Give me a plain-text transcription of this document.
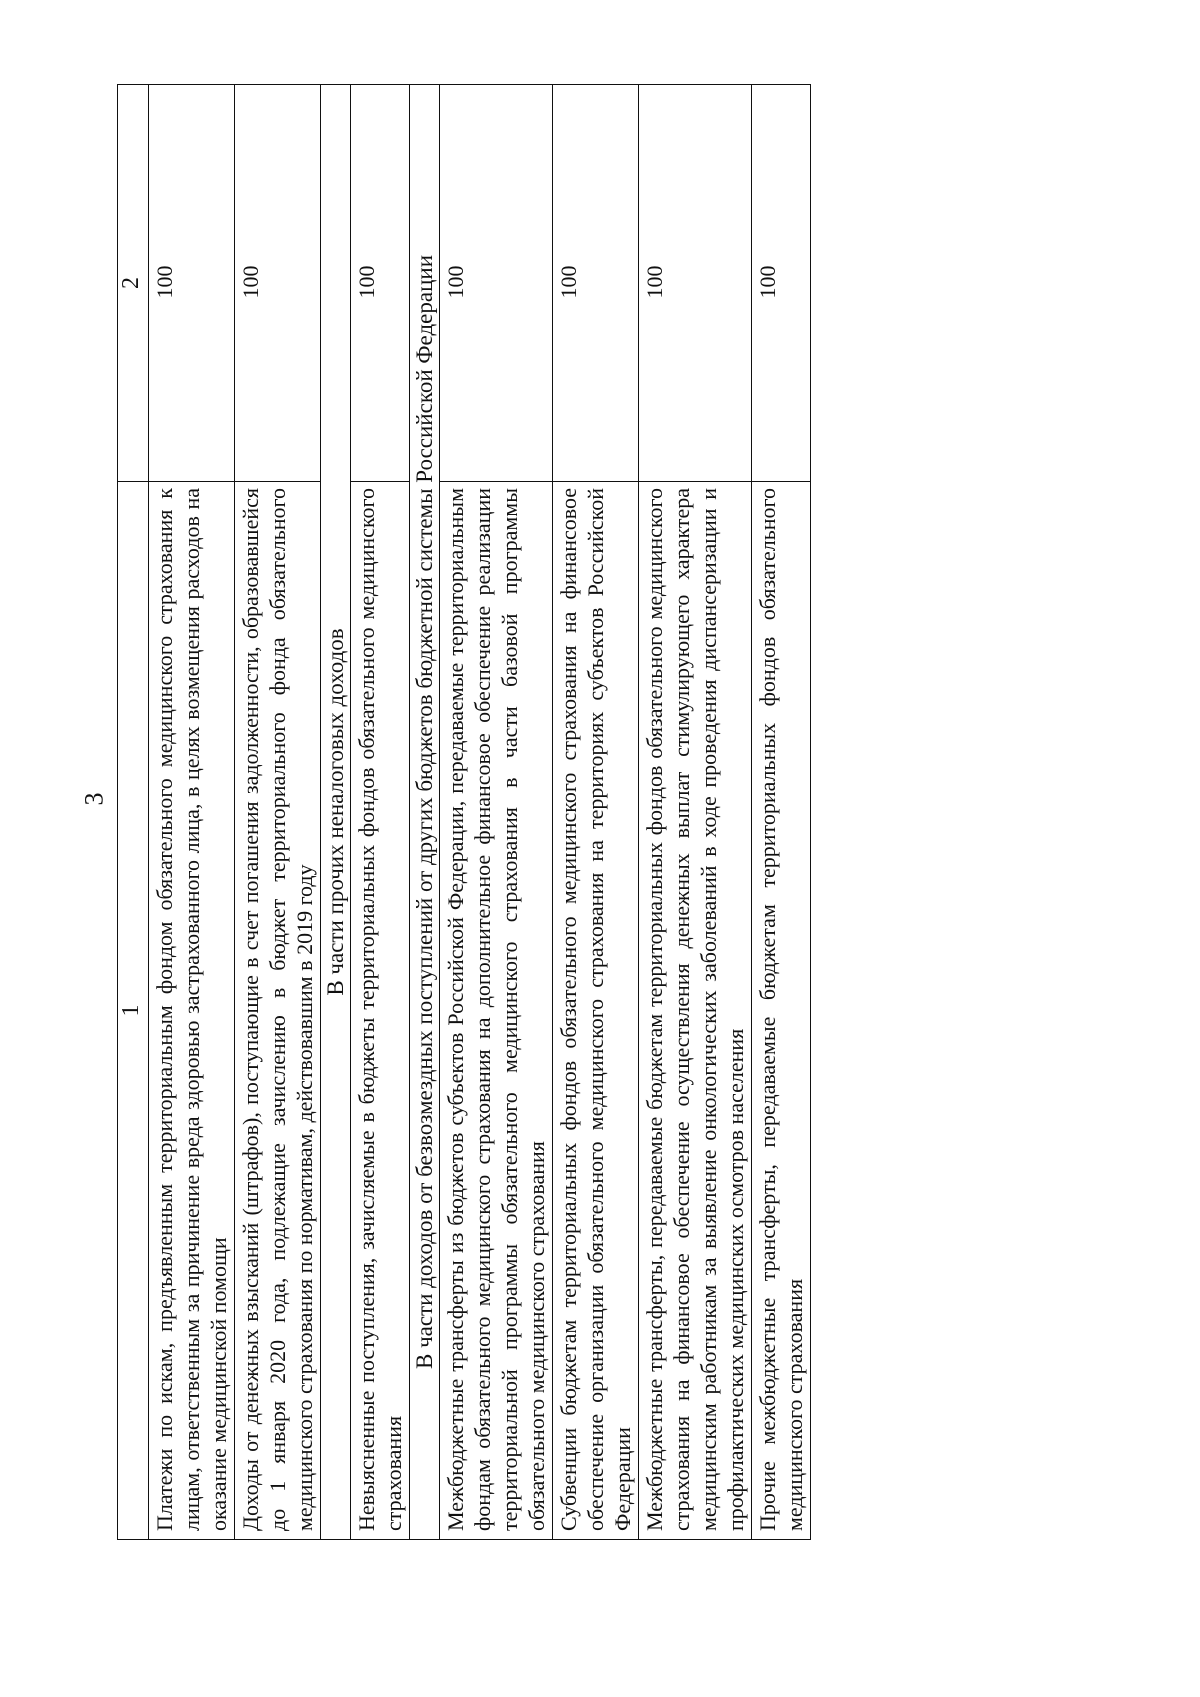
3
1	2
Платежи по искам, предъявленным территориальным фондом обязательного медицинского страхования к лицам, ответственным за причинение вреда здоровью застрахованного лица, в целях возмещения расходов на оказание медицинской помощи	100
Доходы от денежных взысканий (штрафов), поступающие в счет погашения задолженности, образовавшейся до 1 января 2020 года, подлежащие зачислению в бюджет территориального фонда обязательного медицинского страхования по нормативам, действовавшим в 2019 году	100
В части прочих неналоговых доходов	
Невыясненные поступления, зачисляемые в бюджеты территориальных фондов обязательного медицинского страхования	100
В части доходов от безвозмездных поступлений от других бюджетов бюджетной системы Российской Федерации	
Межбюджетные трансферты из бюджетов субъектов Российской Федерации, передаваемые территориальным фондам обязательного медицинского страхования на дополнительное финансовое обеспечение реализации территориальной программы обязательного медицинского страхования в части базовой программы обязательного медицинского страхования	100
Субвенции бюджетам территориальных фондов обязательного медицинского страхования на финансовое обеспечение организации обязательного медицинского страхования на территориях субъектов Российской Федерации	100
Межбюджетные трансферты, передаваемые бюджетам территориальных фондов обязательного медицинского страхования на финансовое обеспечение осуществления денежных выплат стимулирующего характера медицинским работникам за выявление онкологических заболеваний в ходе проведения диспансеризации и профилактических медицинских осмотров населения	100
Прочие межбюджетные трансферты, передаваемые бюджетам территориальных фондов обязательного медицинского страхования	100
